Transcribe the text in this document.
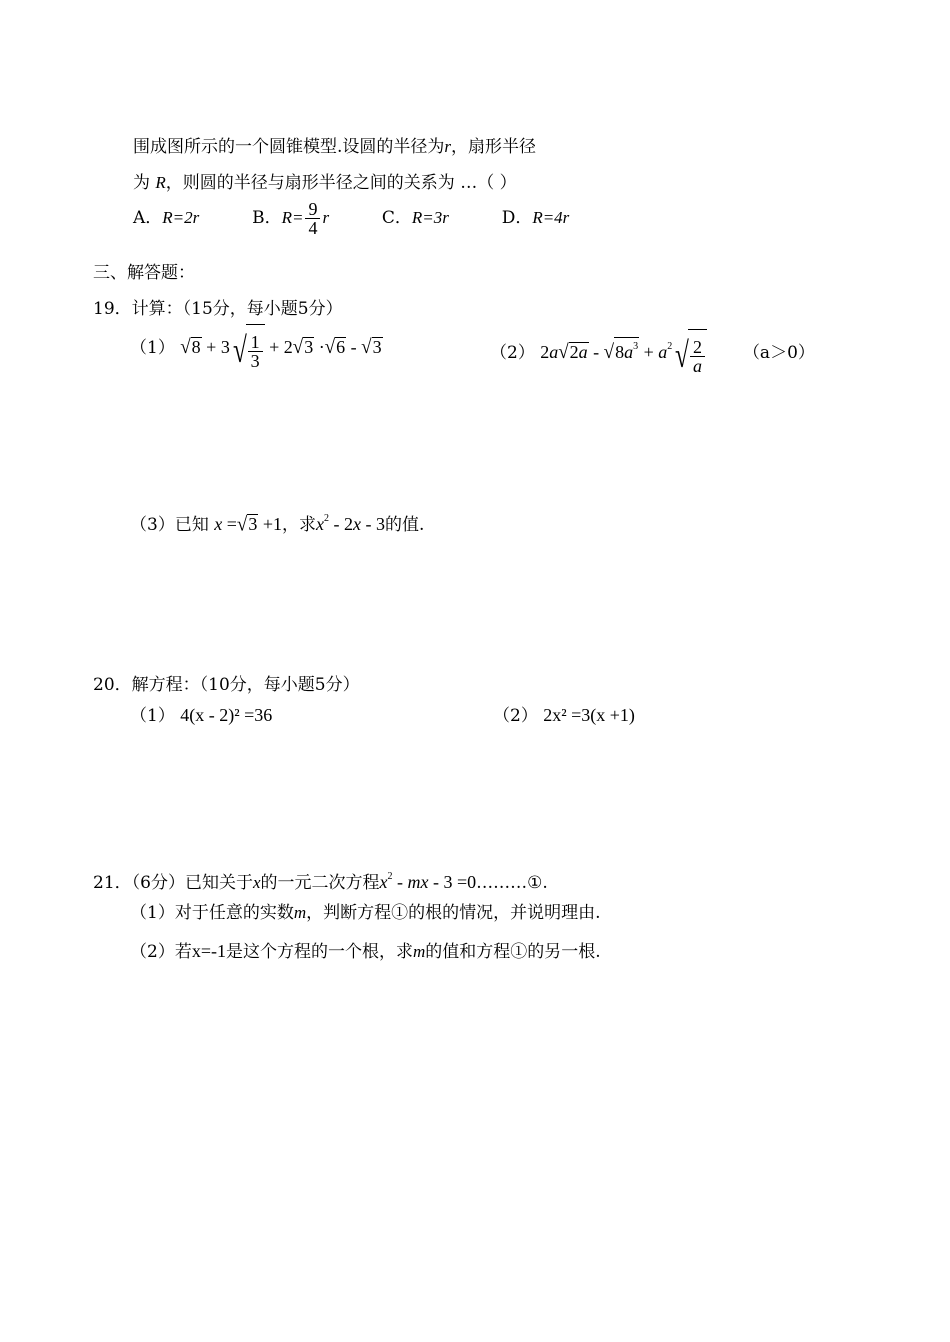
围成图所示的一个圆锥模型.设圆的半径为r，扇形半径
为 R，则圆的半径与扇形半径之间的关系为 …（ ）
A．R=2r	B．$R= \frac{9}{4}$ r	C．R=3r	D．R=4r
三、解答题：
19．计算：（15分，每小题5分）
（1） $√8 + 3√ \frac{1}{3} + 2√3 \cdot√6 - √3$	（2） $2a√2a - √8a^3 + a^2√ \frac{2}{a} (a>0)$
（3）已知 x =√3 +1，求$x^2 - 2x - 3$的值.
20．解方程：（10分，每小题5分）
（1） 4(x - 2)² =36	（2） 2x² =3(x +1)
21．（6分）已知关于x的一元二次方程$x^2$ - mx - 3 =0………①.
（1）对于任意的实数m，判断方程①的根的情况，并说明理由.
（2）若x=-1是这个方程的一个根，求m的值和方程①的另一根.
